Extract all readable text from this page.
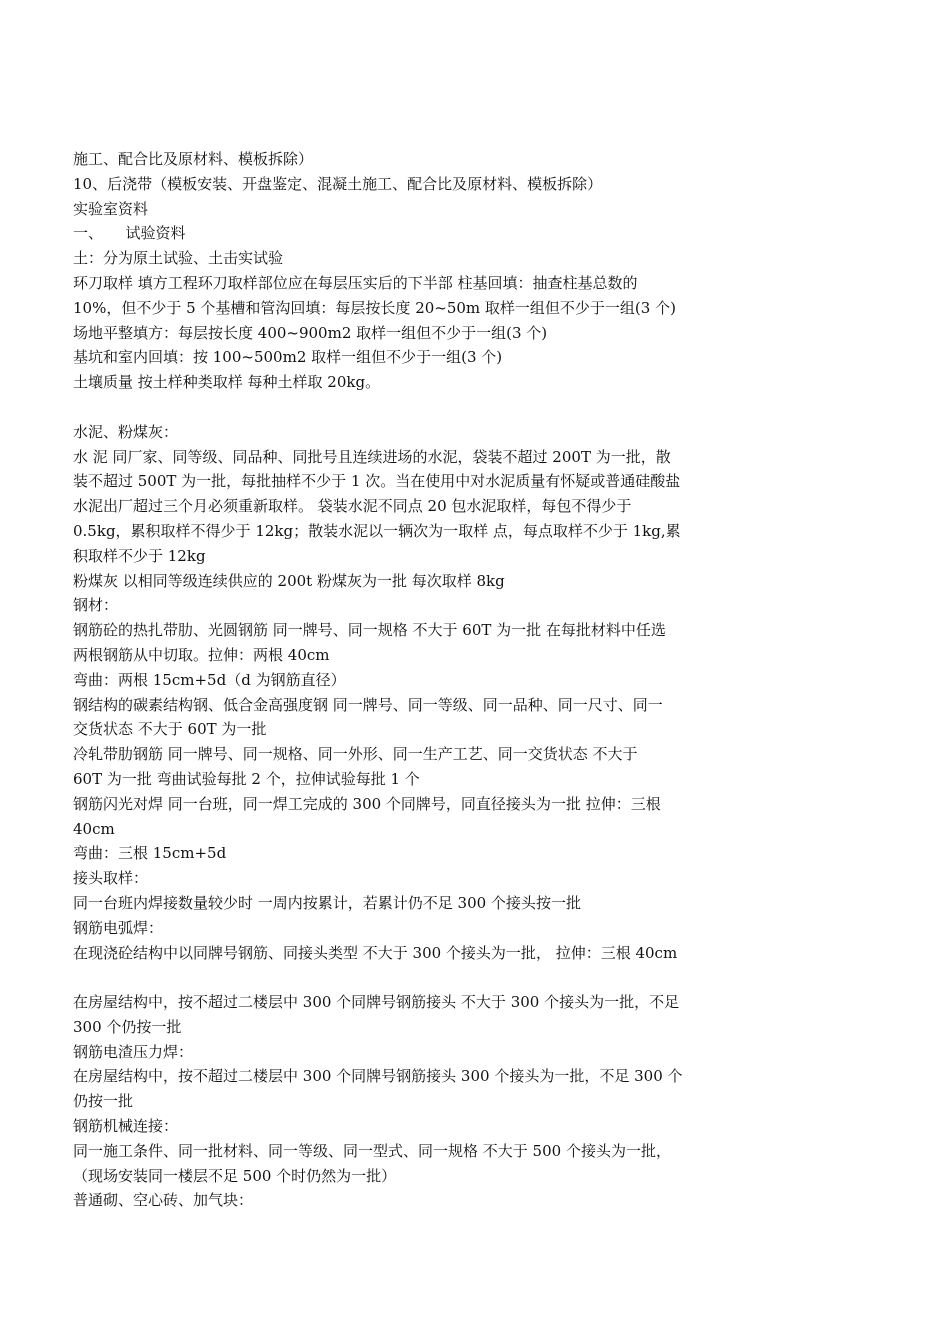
施工、配合比及原材料、模板拆除）
10、后浇带（模板安装、开盘鉴定、混凝土施工、配合比及原材料、模板拆除）
实验室资料
一、　　试验资料
土：分为原土试验、土击实试验
环刀取样 填方工程环刀取样部位应在每层压实后的下半部 柱基回填：抽查柱基总数的
10%，但不少于 5 个基槽和管沟回填：每层按长度 20~50m 取样一组但不少于一组(3 个)
场地平整填方：每层按长度 400~900m2 取样一组但不少于一组(3 个)
基坑和室内回填：按 100~500m2 取样一组但不少于一组(3 个)
土壤质量 按土样种类取样 每种土样取 20kg。
水泥、粉煤灰：
水 泥 同厂家、同等级、同品种、同批号且连续进场的水泥，袋装不超过 200T 为一批，散
装不超过 500T 为一批，每批抽样不少于 1 次。当在使用中对水泥质量有怀疑或普通硅酸盐
水泥出厂超过三个月必须重新取样。 袋装水泥不同点 20 包水泥取样，每包不得少于
0.5kg，累积取样不得少于 12kg；散装水泥以一辆次为一取样 点，每点取样不少于 1kg,累
积取样不少于 12kg
粉煤灰 以相同等级连续供应的 200t 粉煤灰为一批 每次取样 8kg
钢材：
钢筋砼的热扎带肋、光圆钢筋 同一牌号、同一规格 不大于 60T 为一批 在每批材料中任选
两根钢筋从中切取。拉伸：两根 40cm
弯曲：两根 15cm+5d（d 为钢筋直径）
钢结构的碳素结构钢、低合金高强度钢 同一牌号、同一等级、同一品种、同一尺寸、同一
交货状态 不大于 60T 为一批
冷轧带肋钢筋 同一牌号、同一规格、同一外形、同一生产工艺、同一交货状态 不大于
60T 为一批 弯曲试验每批 2 个，拉伸试验每批 1 个
钢筋闪光对焊 同一台班，同一焊工完成的 300 个同牌号，同直径接头为一批 拉伸：三根
40cm
弯曲：三根 15cm+5d
接头取样：
同一台班内焊接数量较少时 一周内按累计，若累计仍不足 300 个接头按一批
钢筋电弧焊：
在现浇砼结构中以同牌号钢筋、同接头类型 不大于 300 个接头为一批， 拉伸：三根 40cm
在房屋结构中，按不超过二楼层中 300 个同牌号钢筋接头 不大于 300 个接头为一批，不足
300 个仍按一批
钢筋电渣压力焊：
在房屋结构中，按不超过二楼层中 300 个同牌号钢筋接头 300 个接头为一批，不足 300 个
仍按一批
钢筋机械连接：
同一施工条件、同一批材料、同一等级、同一型式、同一规格 不大于 500 个接头为一批，
（现场安装同一楼层不足 500 个时仍然为一批）
普通砌、空心砖、加气块：
